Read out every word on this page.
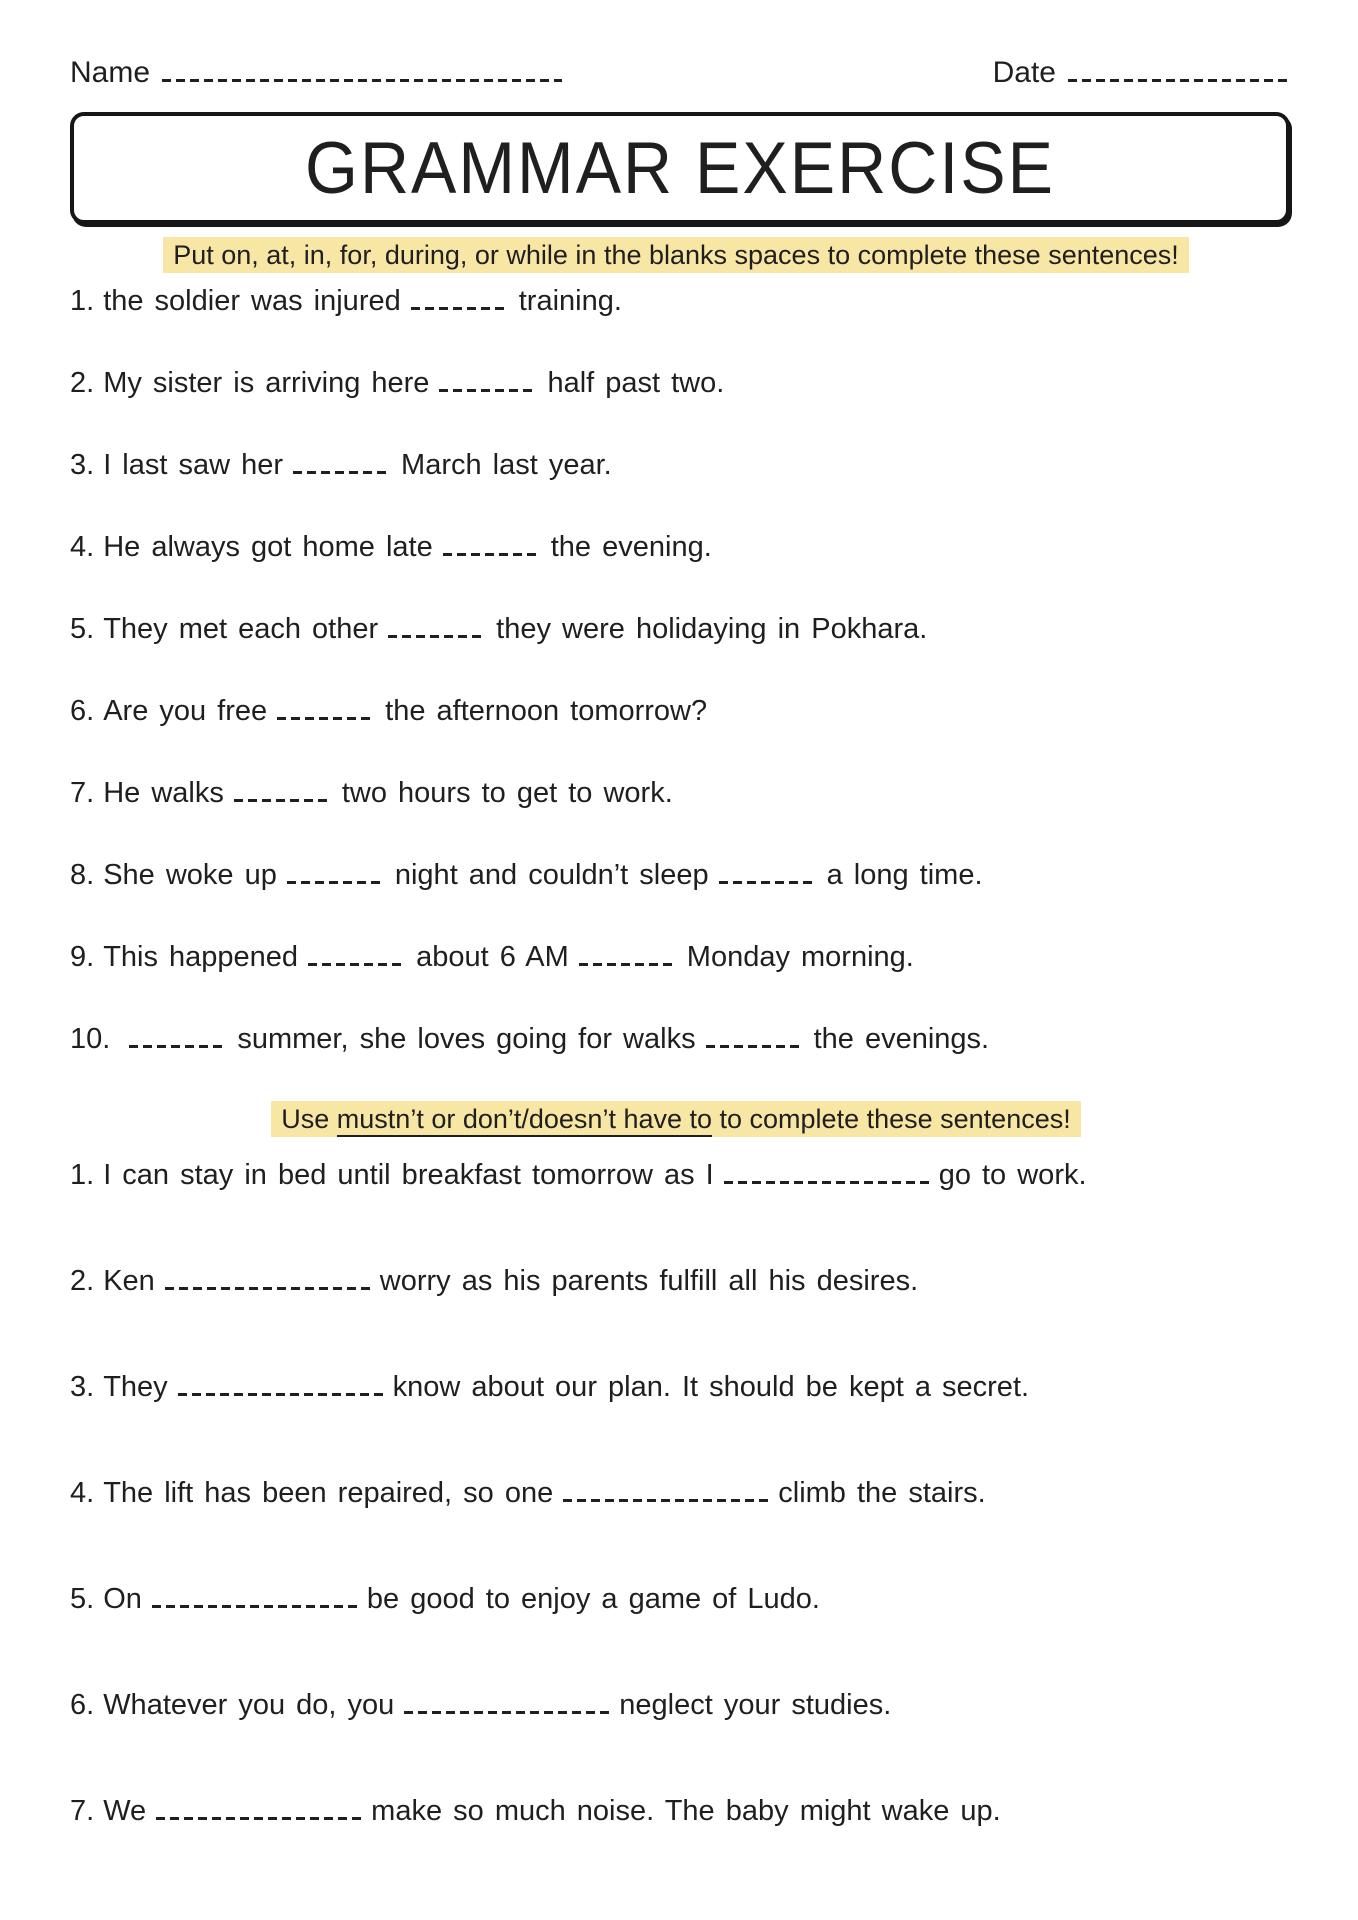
Name	Date
GRAMMAR EXERCISE
Put on, at, in, for, during, or while in the blanks spaces to complete these sentences!
1. the soldier was injured	training.
2. My sister is arriving here	half past two.
3. I last saw her	March last year.
4. He always got home late	the evening.
5. They met each other	they were holidaying in Pokhara.
6. Are you free	the afternoon tomorrow?
7. He walks	two hours to get to work.
8. She woke up	night and couldn’t sleep	a long time.
9. This happened	about 6 AM	Monday morning.
10.	summer, she loves going for walks	the evenings.
Use mustn’t or don’t/doesn’t have to to complete these sentences!
1. I can stay in bed until breakfast tomorrow as I	go to work.
2. Ken	worry as his parents fulfill all his desires.
3. They	know about our plan. It should be kept a secret.
4. The lift has been repaired, so one	climb the stairs.
5. On	be good to enjoy a game of Ludo.
6. Whatever you do, you	neglect your studies.
7. We	make so much noise. The baby might wake up.
